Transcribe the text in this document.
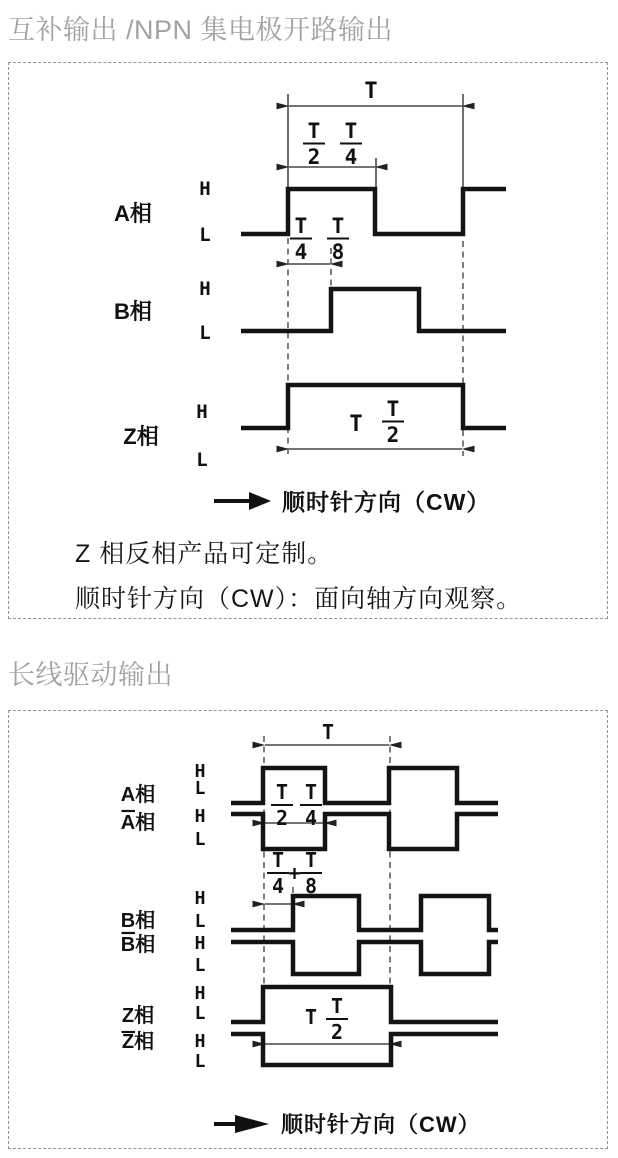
互补输出 /NPN 集电极开路输出
T
T
2
T
4
H
L
A相	T
4
T
8
H
L
B相
H
L
Z相	T
T
2
顺时针方向（CW）
Z 相反相产品可定制。
顺时针方向（CW）：面向轴方向观察。
长线驱动输出
T
T
2
T
4
T
4
+
T
8
T T
2
H
L
H
L
A相
A相
H
L
H
L
B相
B相
H
L
H
L
Z相
Z相
顺时针方向（CW）
